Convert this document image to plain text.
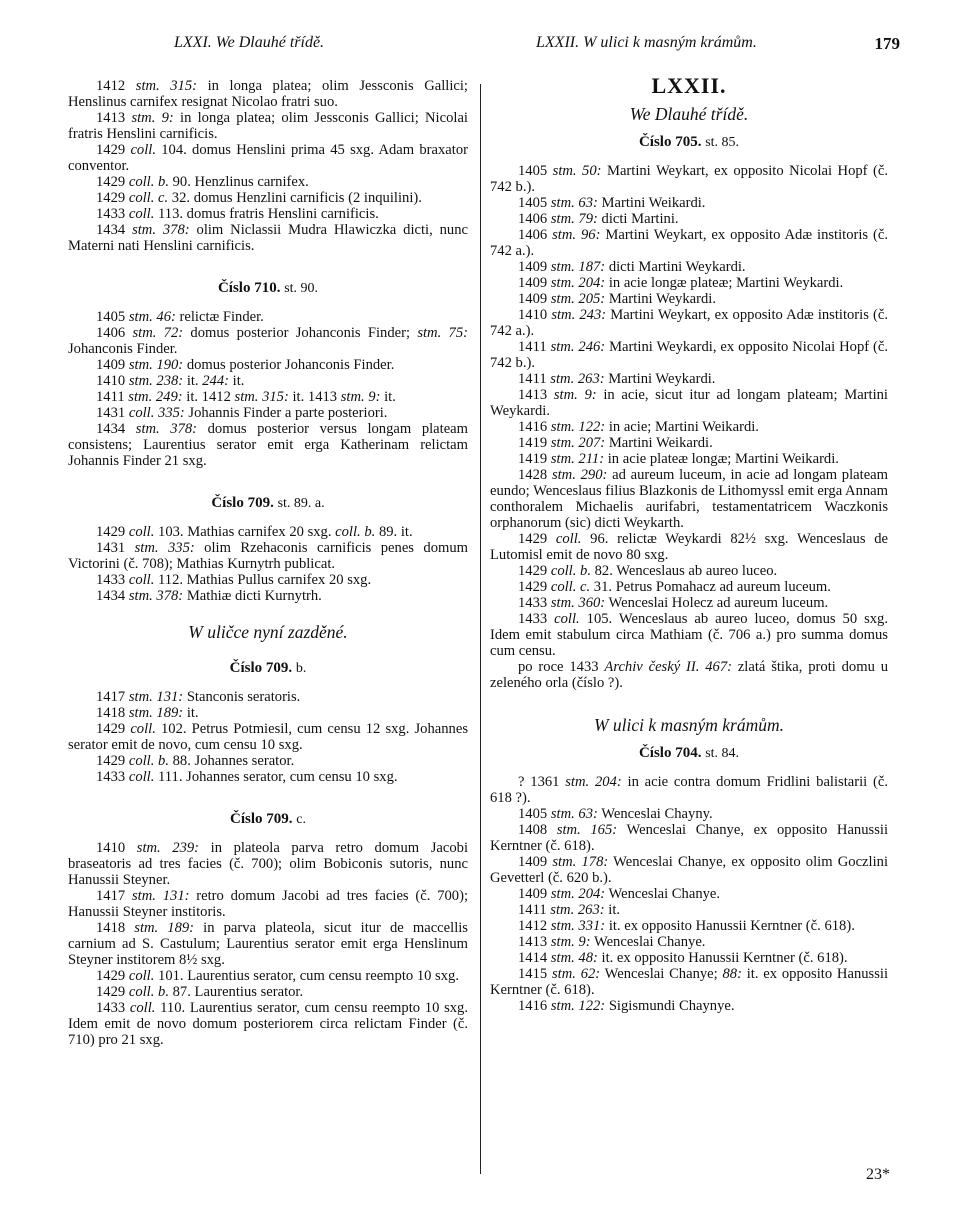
LXXI. We Dlauhé třídě.	LXXII. W ulici k masným krámům.	179

1412 stm. 315: in longa platea; olim Jessconis Gallici; Henslinus carnifex resignat Nicolao fratri suo.

1413 stm. 9: in longa platea; olim Jessconis Gallici; Nicolai fratris Henslini carnificis.

1429 coll. 104. domus Henslini prima 45 sxg. Adam braxator conventor.

1429 coll. b. 90. Henzlinus carnifex.

1429 coll. c. 32. domus Henzlini carnificis (2 inquilini).

1433 coll. 113. domus fratris Henslini carnificis.

1434 stm. 378: olim Niclassii Mudra Hlawiczka dicti, nunc Materni nati Henslini carnificis.

Číslo 710. st. 90.

1405 stm. 46: relictæ Finder.

1406 stm. 72: domus posterior Johanconis Finder; stm. 75: Johanconis Finder.

1409 stm. 190: domus posterior Johanconis Finder.

1410 stm. 238: it. 244: it.

1411 stm. 249: it. 1412 stm. 315: it. 1413 stm. 9: it.

1431 coll. 335: Johannis Finder a parte posteriori.

1434 stm. 378: domus posterior versus longam plateam consistens; Laurentius serator emit erga Katherinam relictam Johannis Finder 21 sxg.

Číslo 709. st. 89. a.

1429 coll. 103. Mathias carnifex 20 sxg. coll. b. 89. it.

1431 stm. 335: olim Rzehaconis carnificis penes domum Victorini (č. 708); Mathias Kurnytrh publicat.

1433 coll. 112. Mathias Pullus carnifex 20 sxg.

1434 stm. 378: Mathiæ dicti Kurnytrh.

W uličce nyní zazděné.

Číslo 709. b.

1417 stm. 131: Stanconis seratoris.

1418 stm. 189: it.

1429 coll. 102. Petrus Potmiesil, cum censu 12 sxg. Johannes serator emit de novo, cum censu 10 sxg.

1429 coll. b. 88. Johannes serator.

1433 coll. 111. Johannes serator, cum censu 10 sxg.

Číslo 709. c.

1410 stm. 239: in plateola parva retro domum Jacobi braseatoris ad tres facies (č. 700); olim Bobiconis sutoris, nunc Hanussii Steyner.

1417 stm. 131: retro domum Jacobi ad tres facies (č. 700); Hanussii Steyner institoris.

1418 stm. 189: in parva plateola, sicut itur de maccellis carnium ad S. Castulum; Laurentius serator emit erga Henslinum Steyner institorem 8½ sxg.

1429 coll. 101. Laurentius serator, cum censu reempto 10 sxg.

1429 coll. b. 87. Laurentius serator.

1433 coll. 110. Laurentius serator, cum censu reempto 10 sxg. Idem emit de novo domum posteriorem circa relictam Finder (č. 710) pro 21 sxg.

LXXII.

We Dlauhé třídě.

Číslo 705. st. 85.

1405 stm. 50: Martini Weykart, ex opposito Nicolai Hopf (č. 742 b.).

1405 stm. 63: Martini Weikardi.

1406 stm. 79: dicti Martini.

1406 stm. 96: Martini Weykart, ex opposito Adæ institoris (č. 742 a.).

1409 stm. 187: dicti Martini Weykardi.

1409 stm. 204: in acie longæ plateæ; Martini Weykardi.

1409 stm. 205: Martini Weykardi.

1410 stm. 243: Martini Weykart, ex opposito Adæ institoris (č. 742 a.).

1411 stm. 246: Martini Weykardi, ex opposito Nicolai Hopf (č. 742 b.).

1411 stm. 263: Martini Weykardi.

1413 stm. 9: in acie, sicut itur ad longam plateam; Martini Weykardi.

1416 stm. 122: in acie; Martini Weikardi.

1419 stm. 207: Martini Weikardi.

1419 stm. 211: in acie plateæ longæ; Martini Weikardi.

1428 stm. 290: ad aureum luceum, in acie ad longam plateam eundo; Wenceslaus filius Blazkonis de Lithomyssl emit erga Annam conthoralem Michaelis aurifabri, testamentatricem Waczkonis orphanorum (sic) dicti Weykarth.

1429 coll. 96. relictæ Weykardi 82½ sxg. Wenceslaus de Lutomisl emit de novo 80 sxg.

1429 coll. b. 82. Wenceslaus ab aureo luceo.

1429 coll. c. 31. Petrus Pomahacz ad aureum luceum.

1433 stm. 360: Wenceslai Holecz ad aureum luceum.

1433 coll. 105. Wenceslaus ab aureo luceo, domus 50 sxg. Idem emit stabulum circa Mathiam (č. 706 a.) pro summa domus cum censu.

po roce 1433 Archiv český II. 467: zlatá štika, proti domu u zeleného orla (číslo ?).

W ulici k masným krámům.

Číslo 704. st. 84.

? 1361 stm. 204: in acie contra domum Fridlini balistarii (č. 618 ?).

1405 stm. 63: Wenceslai Chayny.

1408 stm. 165: Wenceslai Chanye, ex opposito Hanussii Kerntner (č. 618).

1409 stm. 178: Wenceslai Chanye, ex opposito olim Goczlini Gevetterl (č. 620 b.).

1409 stm. 204: Wenceslai Chanye.

1411 stm. 263: it.

1412 stm. 331: it. ex opposito Hanussii Kerntner (č. 618).

1413 stm. 9: Wenceslai Chanye.

1414 stm. 48: it. ex opposito Hanussii Kerntner (č. 618).

1415 stm. 62: Wenceslai Chanye; 88: it. ex opposito Hanussii Kerntner (č. 618).

1416 stm. 122: Sigismundi Chaynye.

23*
